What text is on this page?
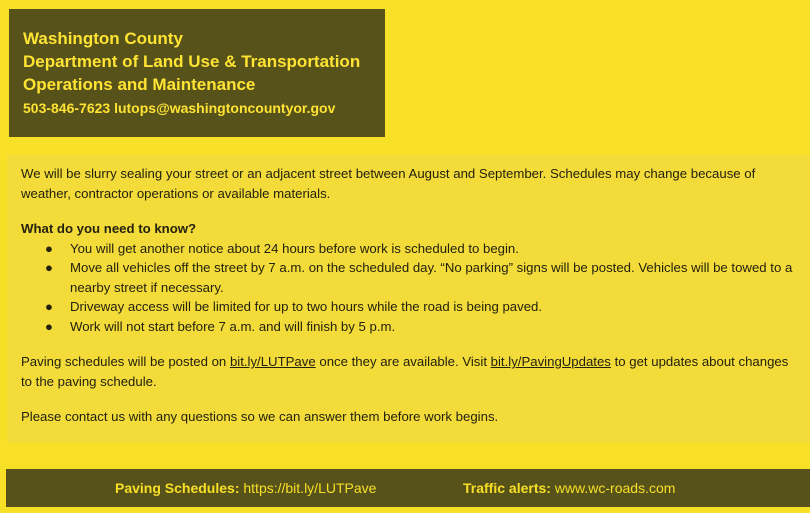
Washington County
Department of Land Use & Transportation
Operations and Maintenance
503-846-7623 lutops@washingtoncountyor.gov

We will be slurry sealing your street or an adjacent street between August and September. Schedules may change because of weather, contractor operations or available materials.

What do you need to know?

● You will get another notice about 24 hours before work is scheduled to begin.
● Move all vehicles off the street by 7 a.m. on the scheduled day. “No parking” signs will be posted. Vehicles will be towed to a nearby street if necessary.
● Driveway access will be limited for up to two hours while the road is being paved.
● Work will not start before 7 a.m. and will finish by 5 p.m.

Paving schedules will be posted on bit.ly/LUTPave once they are available. Visit bit.ly/PavingUpdates to get updates about changes to the paving schedule.

Please contact us with any questions so we can answer them before work begins.

Paving Schedules: https://bit.ly/LUTPave	Traffic alerts: www.wc-roads.com
